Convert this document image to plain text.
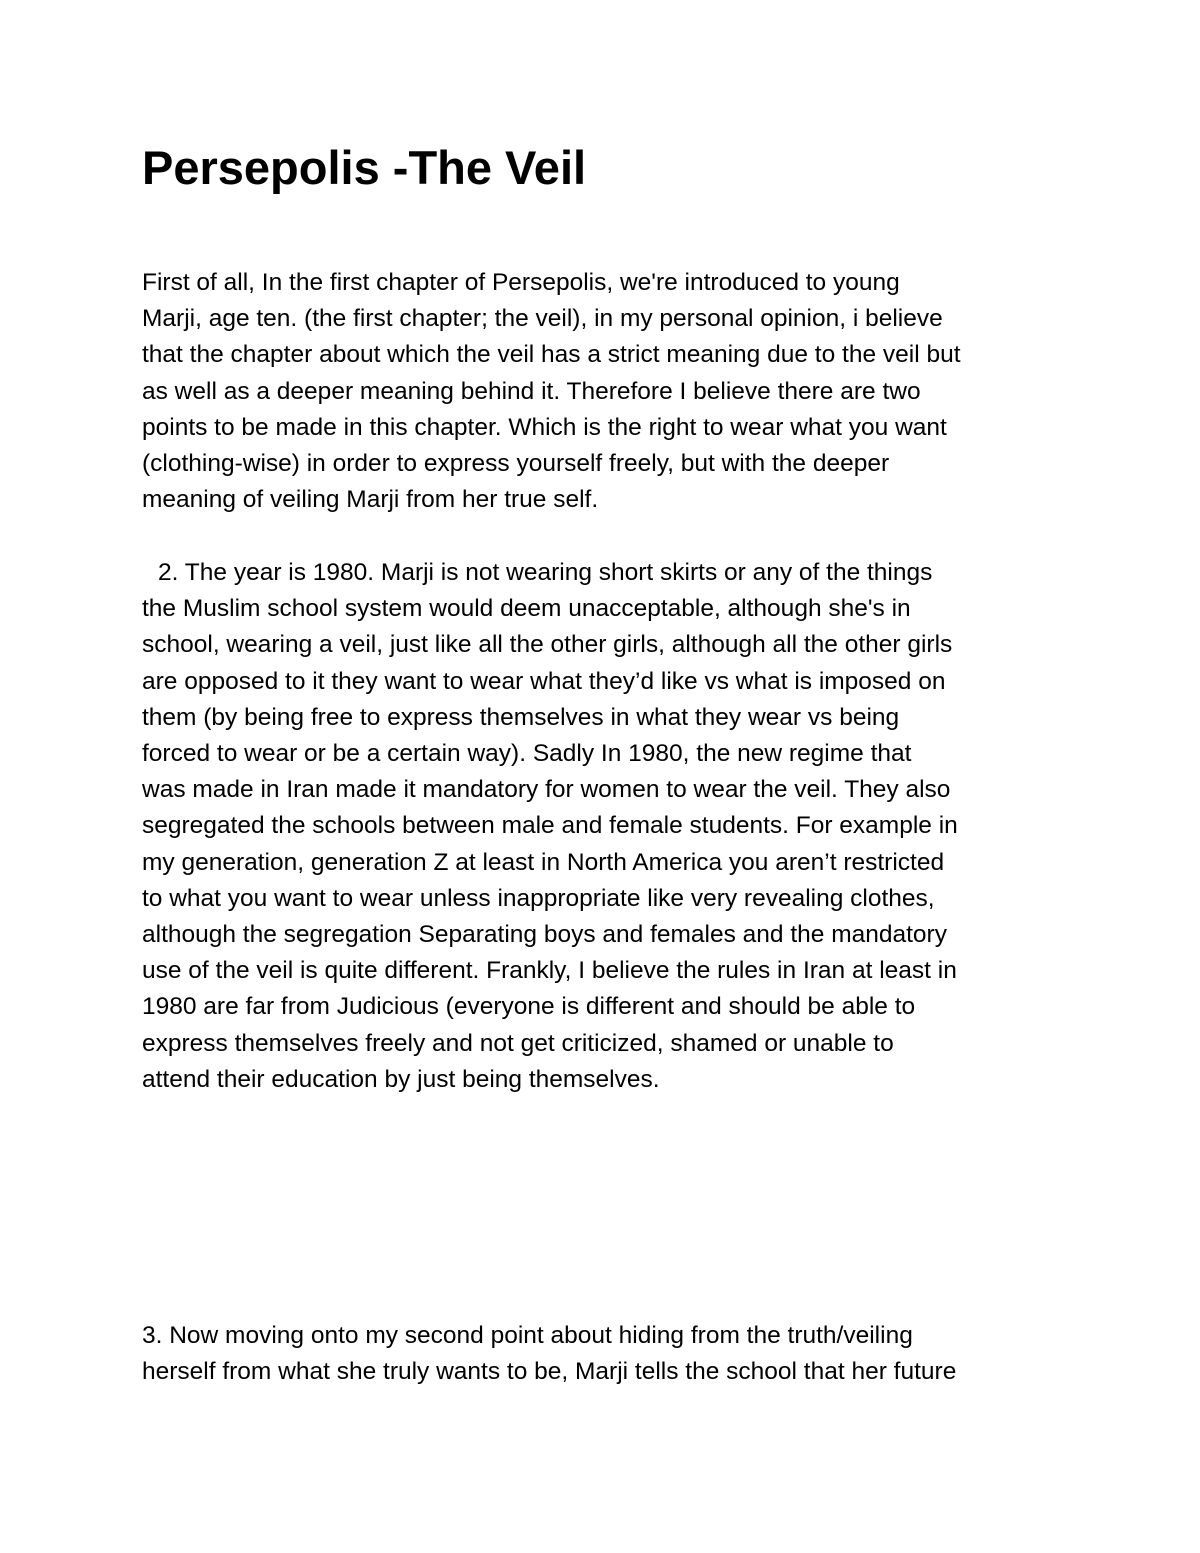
Persepolis -The Veil
First of all, In the first chapter of Persepolis, we're introduced to young
Marji, age ten. (the first chapter; the veil), in my personal opinion, i believe
that the chapter about which the veil has a strict meaning due to the veil but
as well as a deeper meaning behind it. Therefore I believe there are two
points to be made in this chapter. Which is the right to wear what you want
(clothing-wise) in order to express yourself freely, but with the deeper
meaning of veiling Marji from her true self.
2. The year is 1980. Marji is not wearing short skirts or any of the things
the Muslim school system would deem unacceptable, although she's in
school, wearing a veil, just like all the other girls, although all the other girls
are opposed to it they want to wear what they’d like vs what is imposed on
them (by being free to express themselves in what they wear vs being
forced to wear or be a certain way). Sadly In 1980, the new regime that
was made in Iran made it mandatory for women to wear the veil. They also
segregated the schools between male and female students. For example in
my generation, generation Z at least in North America you aren’t restricted
to what you want to wear unless inappropriate like very revealing clothes,
although the segregation Separating boys and females and the mandatory
use of the veil is quite different. Frankly, I believe the rules in Iran at least in
1980 are far from Judicious (everyone is different and should be able to
express themselves freely and not get criticized, shamed or unable to
attend their education by just being themselves.
3. Now moving onto my second point about hiding from the truth/veiling
herself from what she truly wants to be, Marji tells the school that her future
